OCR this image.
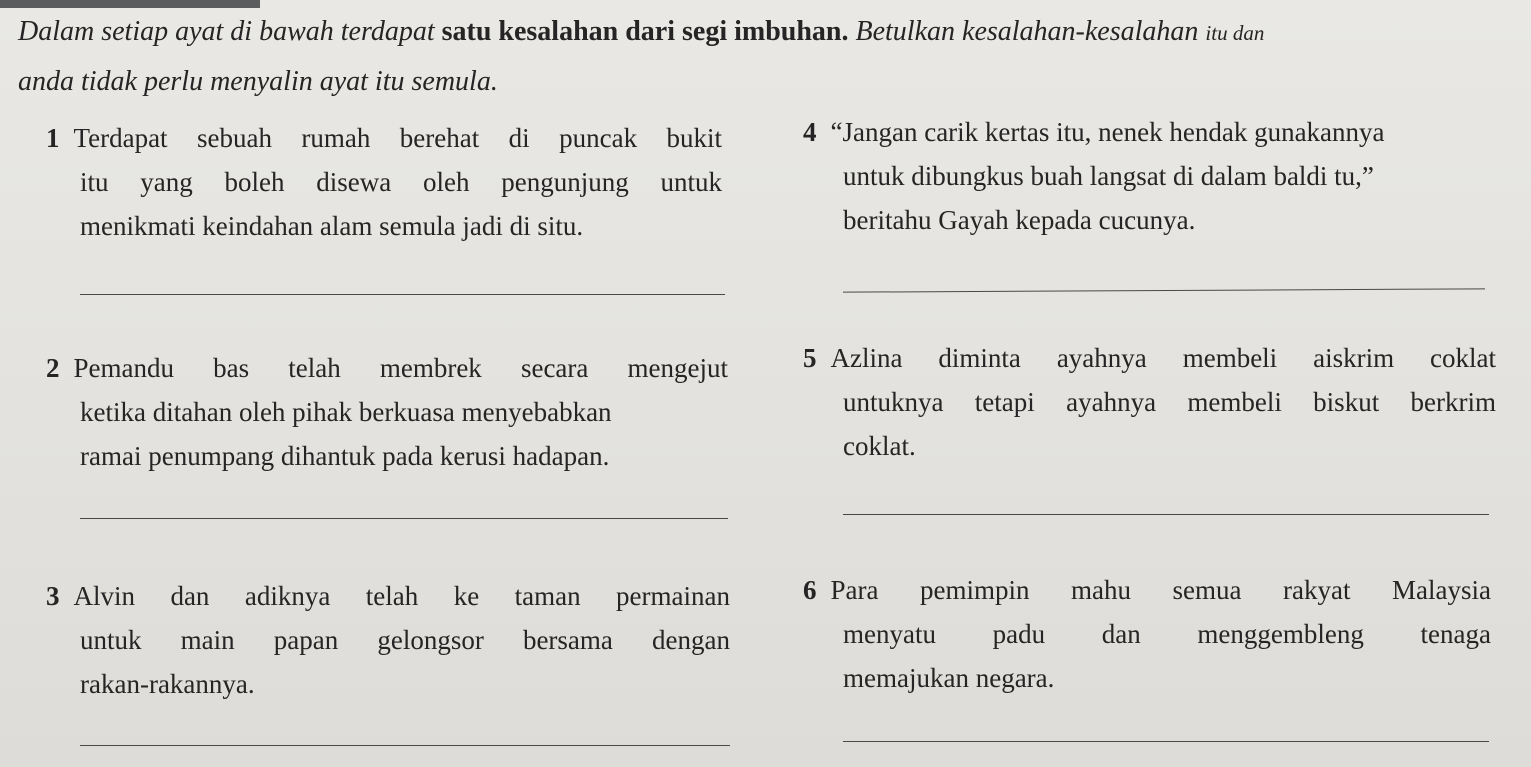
Dalam setiap ayat di bawah terdapat satu kesalahan dari segi imbuhan. Betulkan kesalahan-kesalahan itu dan
anda tidak perlu menyalin ayat itu semula.
1 Terdapat sebuah rumah berehat di puncak bukit
itu yang boleh disewa oleh pengunjung untuk
menikmati keindahan alam semula jadi di situ.
2 Pemandu bas telah membrek secara mengejut
ketika ditahan oleh pihak berkuasa menyebabkan
ramai penumpang dihantuk pada kerusi hadapan.
3 Alvin dan adiknya telah ke taman permainan
untuk main papan gelongsor bersama dengan
rakan-rakannya.
4 “Jangan carik kertas itu, nenek hendak gunakannya
untuk dibungkus buah langsat di dalam baldi tu,”
beritahu Gayah kepada cucunya.
5 Azlina diminta ayahnya membeli aiskrim coklat
untuknya tetapi ayahnya membeli biskut berkrim
coklat.
6 Para pemimpin mahu semua rakyat Malaysia
menyatu padu dan menggembleng tenaga
memajukan negara.
